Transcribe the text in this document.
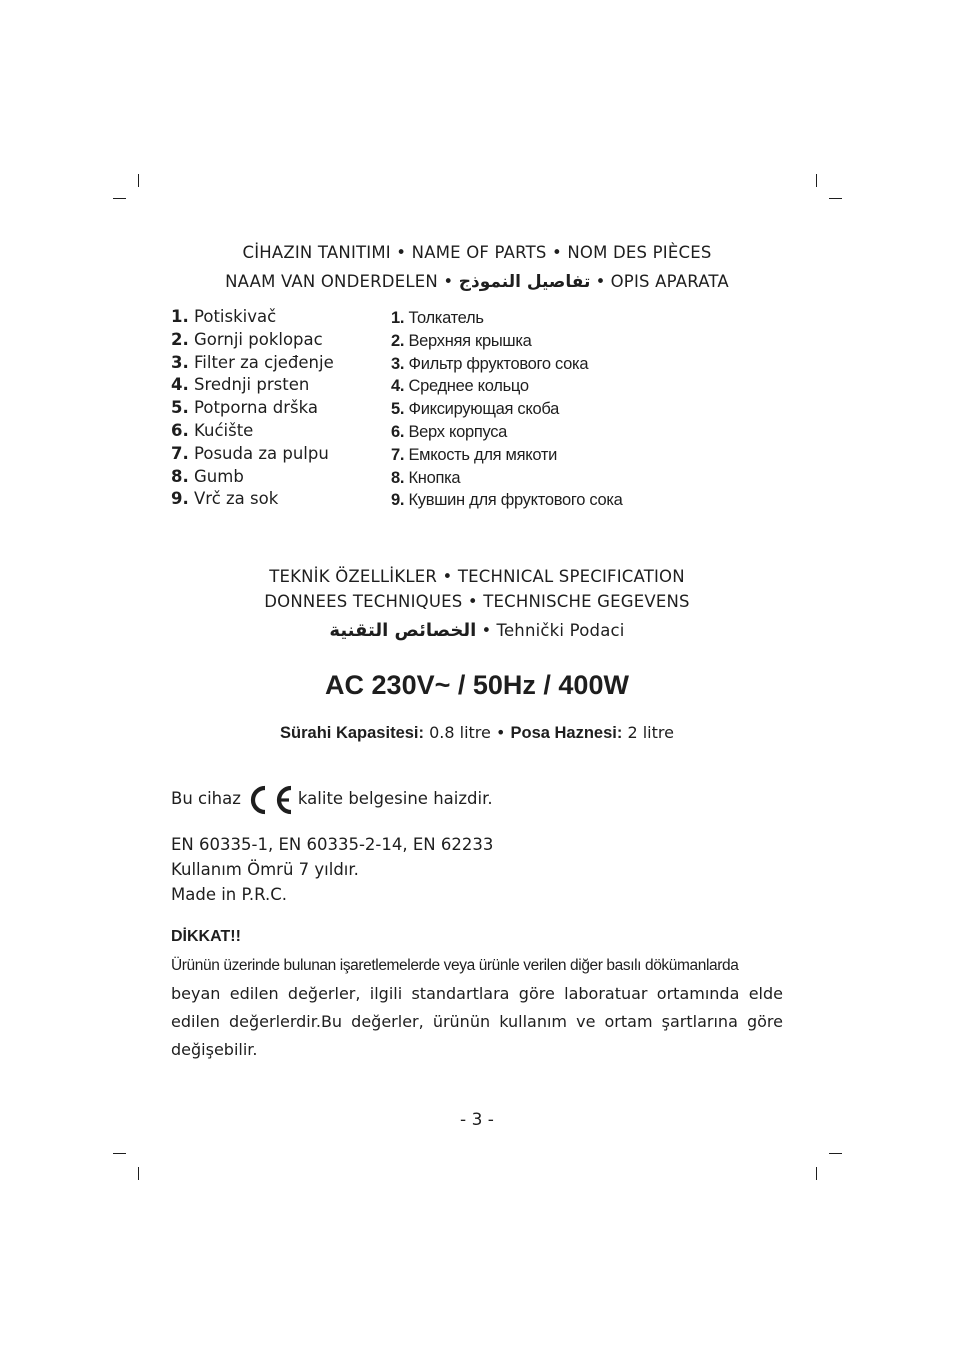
CİHAZIN TANITIMI • NAME OF PARTS • NOM DES PIÈCES
NAAM VAN ONDERDELEN • تفاصيل النموذج • OPIS APARATA
1. Potiskivač
2. Gornji poklopac
3. Filter za cjeđenje
4. Srednji prsten
5. Potporna drška
6. Kućište
7. Posuda za pulpu
8. Gumb
9. Vrč za sok
1. Толкатель
2. Верхняя крышка
3. Фильтр фруктового сока
4. Среднее кольцо
5. Фиксирующая скоба
6. Верх корпуса
7. Емкость для мякоти
8. Кнопка
9. Кувшин для фруктового сока
TEKNİK ÖZELLİKLER • TECHNICAL SPECIFICATION
DONNEES TECHNIQUES • TECHNISCHE GEGEVENS
الخصائص التقنية • Tehnički Podaci
AC 230V~ / 50Hz / 400W
Sürahi Kapasitesi: 0.8 litre • Posa Haznesi: 2 litre
Bu cihaz	kalite belgesine haizdir.
EN 60335-1, EN 60335-2-14, EN 62233
Kullanım Ömrü 7 yıldır.
Made in P.R.C.
DİKKAT!!
Ürünün üzerinde bulunan işaretlemelerde veya ürünle verilen diğer basılı dökümanlarda
beyan edilen değerler, ilgili standartlara göre laboratuar ortamında elde edilen değerlerdir.Bu değerler, ürünün kullanım ve ortam şartlarına göre değişebilir.
- 3 -
